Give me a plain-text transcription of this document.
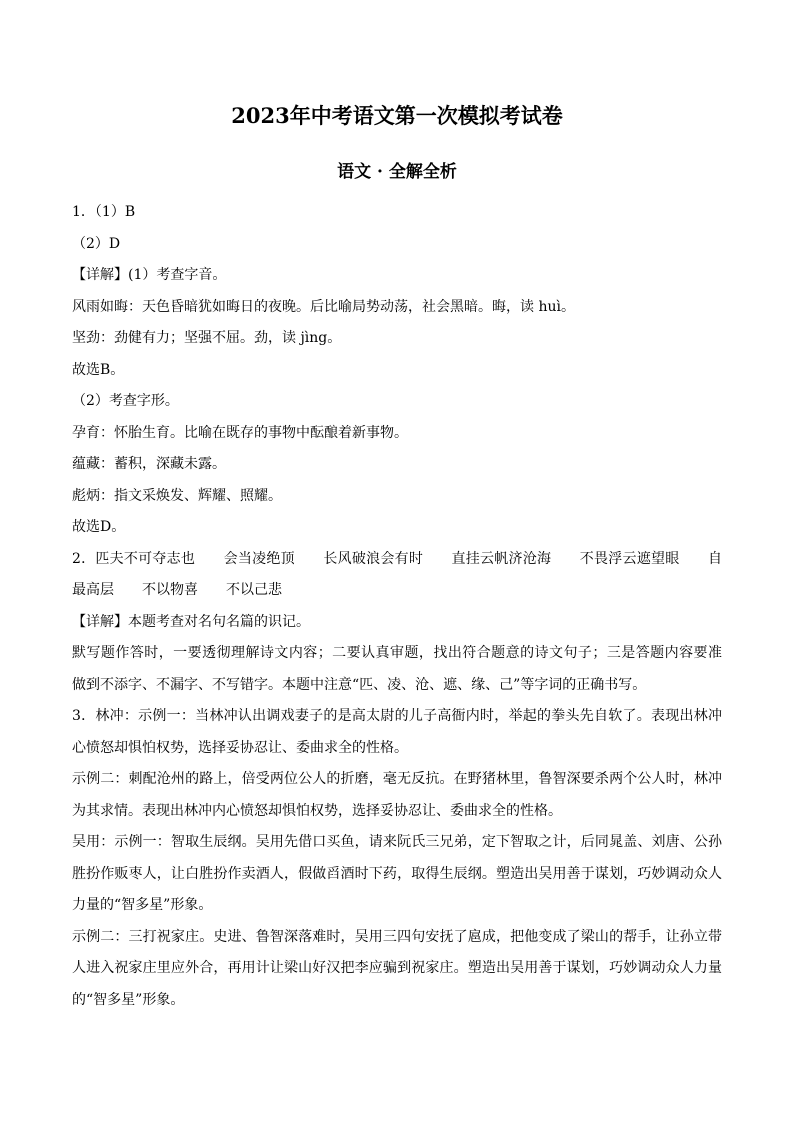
2023年中考语文第一次模拟考试卷
语文 · 全解全析
1．（1）B
（2）D
【详解】(1）考查字音。
风雨如晦：天色昏暗犹如晦日的夜晚。后比喻局势动荡，社会黑暗。晦，读 huì。
坚劲：劲健有力；坚强不屈。劲，读 jìng。
故选B。
（2）考查字形。
孕育：怀胎生育。比喻在既存的事物中酝酿着新事物。
蕴藏：蓄积，深藏未露。
彪炳：指文采焕发、辉耀、照耀。
故选D。
2．匹夫不可夺志也　　会当凌绝顶　　长风破浪会有时　　直挂云帆济沧海　　不畏浮云遮望眼　　自
最高层　　不以物喜　　不以己悲
【详解】本题考查对名句名篇的识记。
默写题作答时，一要透彻理解诗文内容；二要认真审题，找出符合题意的诗文句子；三是答题内容要准
做到不添字、不漏字、不写错字。本题中注意“匹、凌、沧、遮、缘、己”等字词的正确书写。
3．林冲：示例一：当林冲认出调戏妻子的是高太尉的儿子高衙内时，举起的拳头先自软了。表现出林冲
心愤怒却惧怕权势，选择妥协忍让、委曲求全的性格。
示例二：刺配沧州的路上，倍受两位公人的折磨，毫无反抗。在野猪林里，鲁智深要杀两个公人时，林冲
为其求情。表现出林冲内心愤怒却惧怕权势，选择妥协忍让、委曲求全的性格。
吴用：示例一：智取生辰纲。吴用先借口买鱼，请来阮氏三兄弟，定下智取之计，后同晁盖、刘唐、公孙
胜扮作贩枣人，让白胜扮作卖酒人，假做舀酒时下药，取得生辰纲。塑造出吴用善于谋划，巧妙调动众人
力量的“智多星”形象。
示例二：三打祝家庄。史进、鲁智深落难时，吴用三四句安抚了扈成，把他变成了梁山的帮手，让孙立带
人进入祝家庄里应外合，再用计让梁山好汉把李应骗到祝家庄。塑造出吴用善于谋划，巧妙调动众人力量
的“智多星”形象。
